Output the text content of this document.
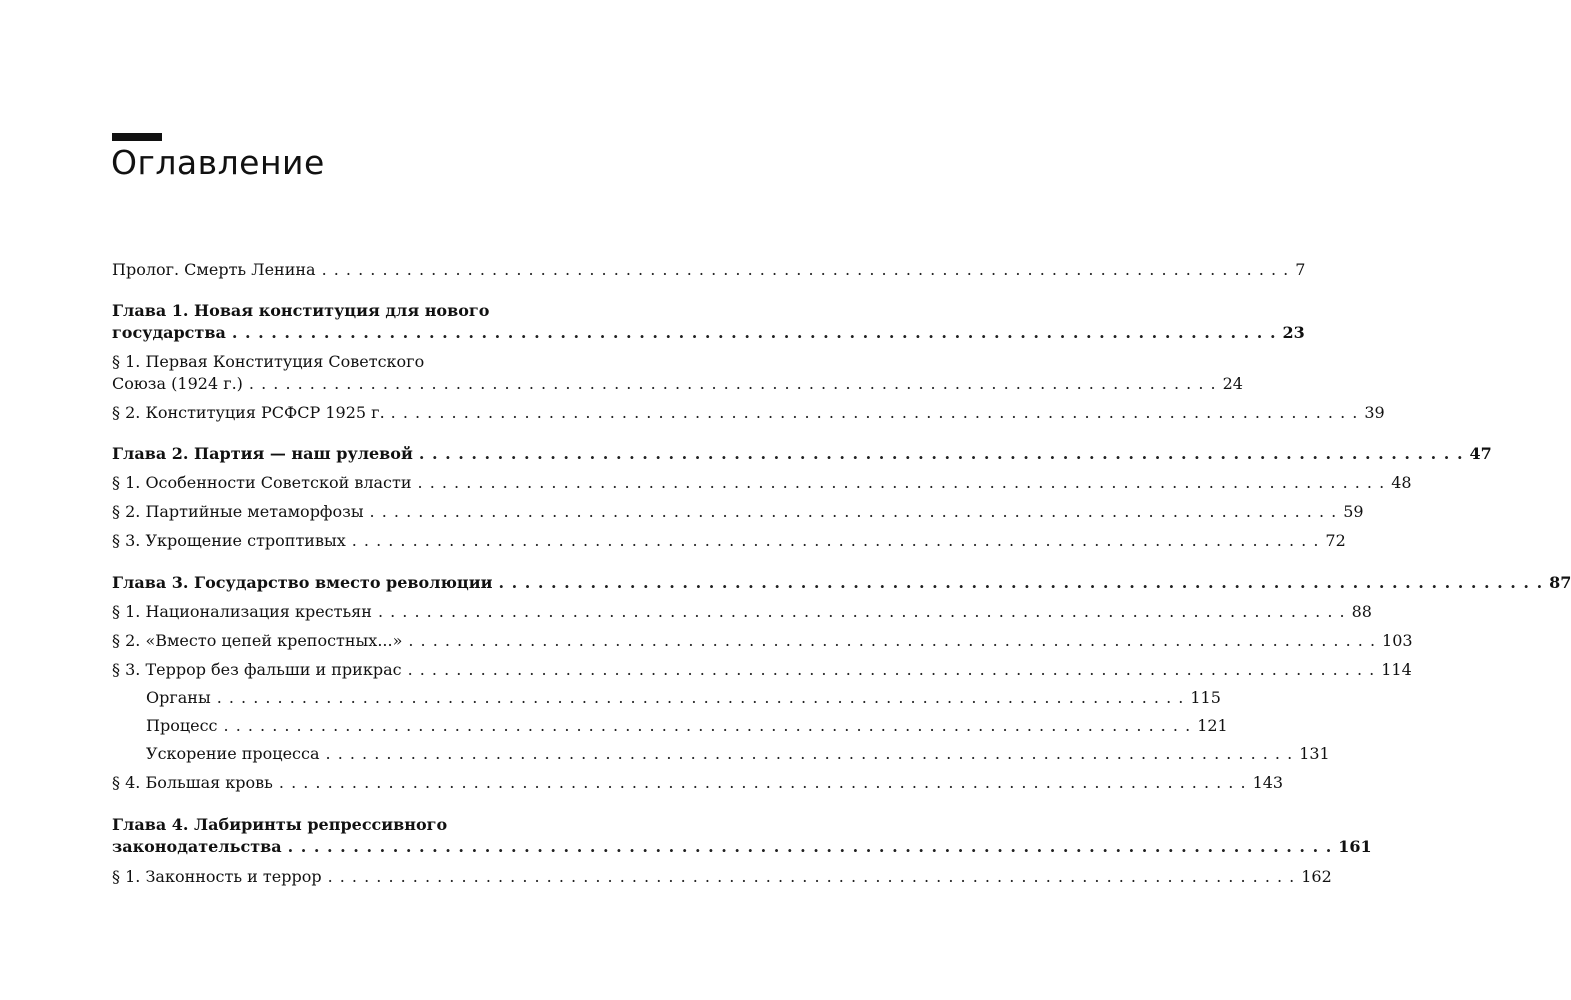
Оглавление
Пролог. Смерть Ленина . . . . . . . . . . . . . . . . . . . . . . . . . . . . . . . . . . . . . . . . . . . . . . . . . . . . . . . . . . . . . . . . . . . . . . . . . . . . . . . . 7
Глава 1. Новая конституция для нового
государства . . . . . . . . . . . . . . . . . . . . . . . . . . . . . . . . . . . . . . . . . . . . . . . . . . . . . . . . . . . . . . . . . . . . . . . . . . . . . . . . 23
§ 1. Первая Конституция Советского
Союза (1924 г.) . . . . . . . . . . . . . . . . . . . . . . . . . . . . . . . . . . . . . . . . . . . . . . . . . . . . . . . . . . . . . . . . . . . . . . . . . . . . . . . . 24
§ 2. Конституция РСФСР 1925 г. . . . . . . . . . . . . . . . . . . . . . . . . . . . . . . . . . . . . . . . . . . . . . . . . . . . . . . . . . . . . . . . . . . . . . . . . . . . . . . . . 39
Глава 2. Партия — наш рулевой . . . . . . . . . . . . . . . . . . . . . . . . . . . . . . . . . . . . . . . . . . . . . . . . . . . . . . . . . . . . . . . . . . . . . . . . . . . . . . . . 47
§ 1. Особенности Советской власти . . . . . . . . . . . . . . . . . . . . . . . . . . . . . . . . . . . . . . . . . . . . . . . . . . . . . . . . . . . . . . . . . . . . . . . . . . . . . . . . 48
§ 2. Партийные метаморфозы . . . . . . . . . . . . . . . . . . . . . . . . . . . . . . . . . . . . . . . . . . . . . . . . . . . . . . . . . . . . . . . . . . . . . . . . . . . . . . . . 59
§ 3. Укрощение строптивых . . . . . . . . . . . . . . . . . . . . . . . . . . . . . . . . . . . . . . . . . . . . . . . . . . . . . . . . . . . . . . . . . . . . . . . . . . . . . . . . 72
Глава 3. Государство вместо революции . . . . . . . . . . . . . . . . . . . . . . . . . . . . . . . . . . . . . . . . . . . . . . . . . . . . . . . . . . . . . . . . . . . . . . . . . . . . . . . . 87
§ 1. Национализация крестьян . . . . . . . . . . . . . . . . . . . . . . . . . . . . . . . . . . . . . . . . . . . . . . . . . . . . . . . . . . . . . . . . . . . . . . . . . . . . . . . . 88
§ 2. «Вместо цепей крепостных...» . . . . . . . . . . . . . . . . . . . . . . . . . . . . . . . . . . . . . . . . . . . . . . . . . . . . . . . . . . . . . . . . . . . . . . . . . . . . . . . . 103
§ 3. Террор без фальши и прикрас . . . . . . . . . . . . . . . . . . . . . . . . . . . . . . . . . . . . . . . . . . . . . . . . . . . . . . . . . . . . . . . . . . . . . . . . . . . . . . . . 114
Органы . . . . . . . . . . . . . . . . . . . . . . . . . . . . . . . . . . . . . . . . . . . . . . . . . . . . . . . . . . . . . . . . . . . . . . . . . . . . . . . . 115
Процесс . . . . . . . . . . . . . . . . . . . . . . . . . . . . . . . . . . . . . . . . . . . . . . . . . . . . . . . . . . . . . . . . . . . . . . . . . . . . . . . . 121
Ускорение процесса . . . . . . . . . . . . . . . . . . . . . . . . . . . . . . . . . . . . . . . . . . . . . . . . . . . . . . . . . . . . . . . . . . . . . . . . . . . . . . . . 131
§ 4. Большая кровь . . . . . . . . . . . . . . . . . . . . . . . . . . . . . . . . . . . . . . . . . . . . . . . . . . . . . . . . . . . . . . . . . . . . . . . . . . . . . . . . 143
Глава 4. Лабиринты репрессивного
законодательства . . . . . . . . . . . . . . . . . . . . . . . . . . . . . . . . . . . . . . . . . . . . . . . . . . . . . . . . . . . . . . . . . . . . . . . . . . . . . . . . 161
§ 1. Законность и террор . . . . . . . . . . . . . . . . . . . . . . . . . . . . . . . . . . . . . . . . . . . . . . . . . . . . . . . . . . . . . . . . . . . . . . . . . . . . . . . . 162
